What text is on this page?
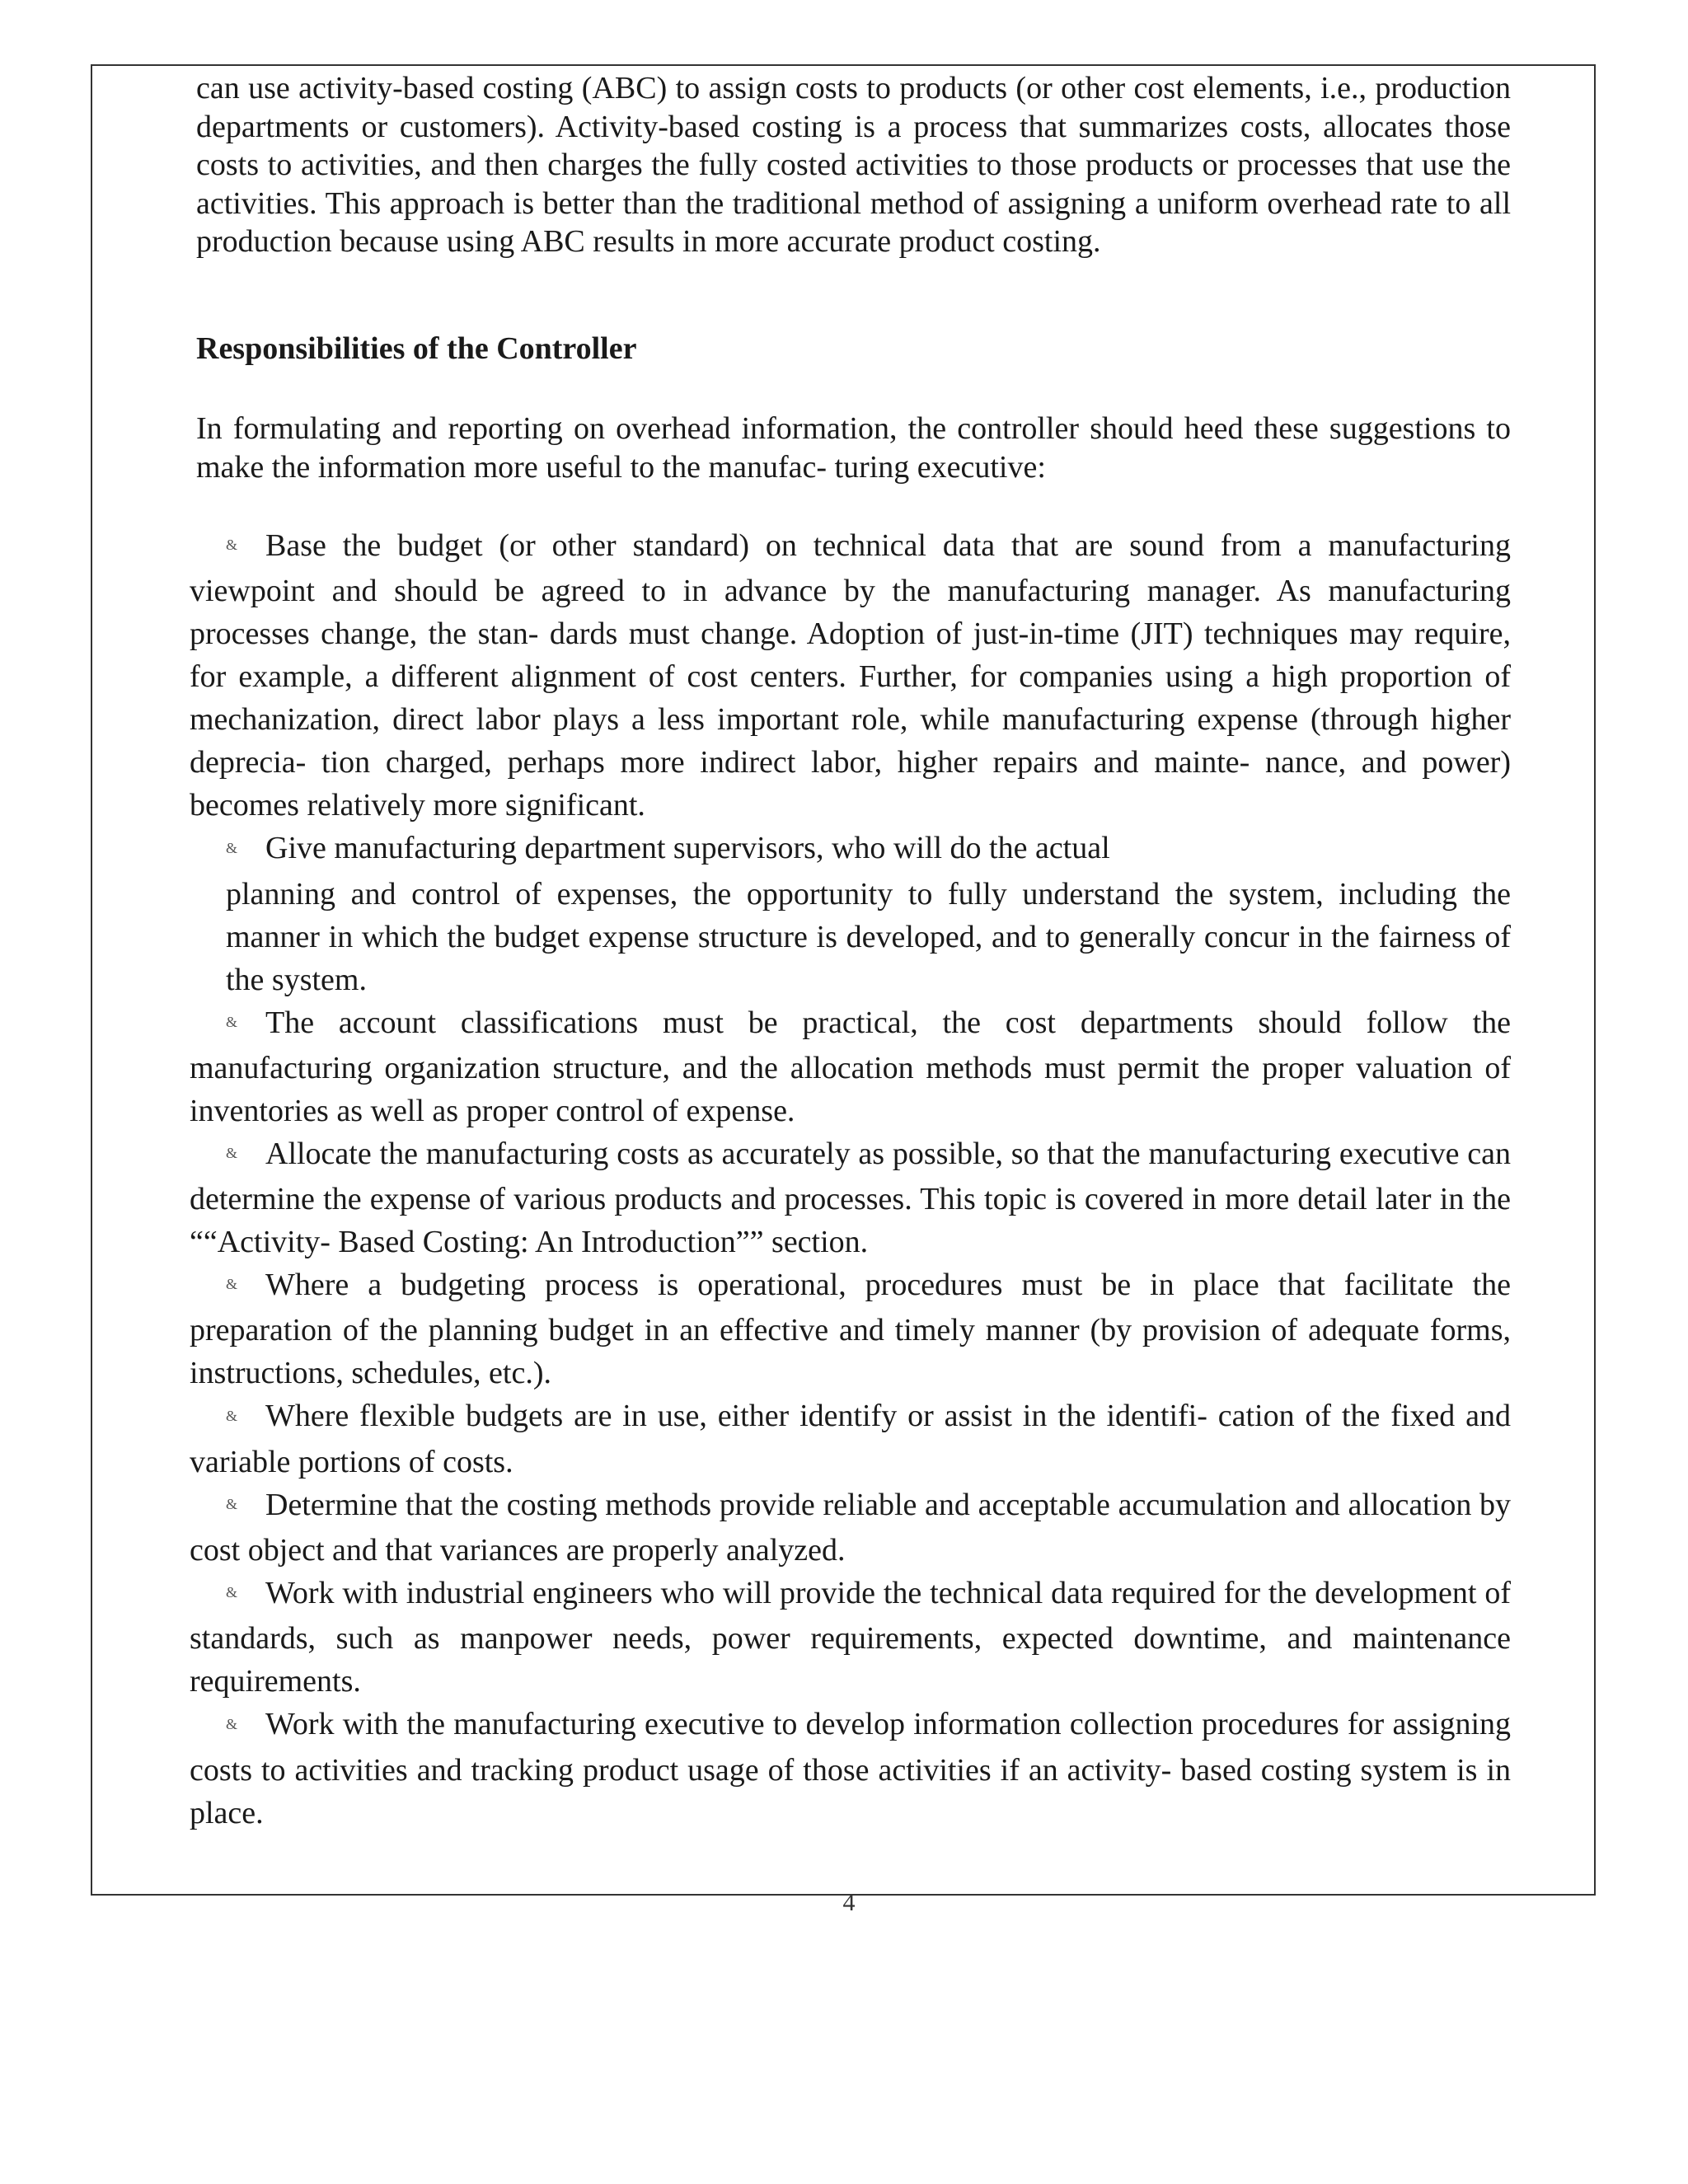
can use activity-based costing (ABC) to assign costs to products (or other cost elements, i.e., production departments or customers). Activity-based costing is a process that summarizes costs, allocates those costs to activities, and then charges the fully costed activities to those products or processes that use the activities. This approach is better than the traditional method of assigning a uniform overhead rate to all production because using ABC results in more accurate product costing.

Responsibilities of the Controller

In formulating and reporting on overhead information, the controller should heed these suggestions to make the information more useful to the manufac- turing executive:

& Base the budget (or other standard) on technical data that are sound from a manufacturing viewpoint and should be agreed to in advance by the manufacturing manager. As manufacturing processes change, the stan- dards must change. Adoption of just-in-time (JIT) techniques may require, for example, a different alignment of cost centers. Further, for companies using a high proportion of mechanization, direct labor plays a less important role, while manufacturing expense (through higher deprecia- tion charged, perhaps more indirect labor, higher repairs and mainte- nance, and power) becomes relatively more significant.
& Give manufacturing department supervisors, who will do the actual
planning and control of expenses, the opportunity to fully understand the system, including the manner in which the budget expense structure is developed, and to generally concur in the fairness of the system.
& The account classifications must be practical, the cost departments should follow the manufacturing organization structure, and the allocation methods must permit the proper valuation of inventories as well as proper control of expense.
& Allocate the manufacturing costs as accurately as possible, so that the manufacturing executive can determine the expense of various products and processes. This topic is covered in more detail later in the ““Activity- Based Costing: An Introduction”” section.
& Where a budgeting process is operational, procedures must be in place that facilitate the preparation of the planning budget in an effective and timely manner (by provision of adequate forms, instructions, schedules, etc.).
& Where flexible budgets are in use, either identify or assist in the identifi- cation of the fixed and variable portions of costs.
& Determine that the costing methods provide reliable and acceptable accumulation and allocation by cost object and that variances are properly analyzed.
& Work with industrial engineers who will provide the technical data required for the development of standards, such as manpower needs, power requirements, expected downtime, and maintenance requirements.
& Work with the manufacturing executive to develop information collection procedures for assigning costs to activities and tracking product usage of those activities if an activity- based costing system is in place.

4
